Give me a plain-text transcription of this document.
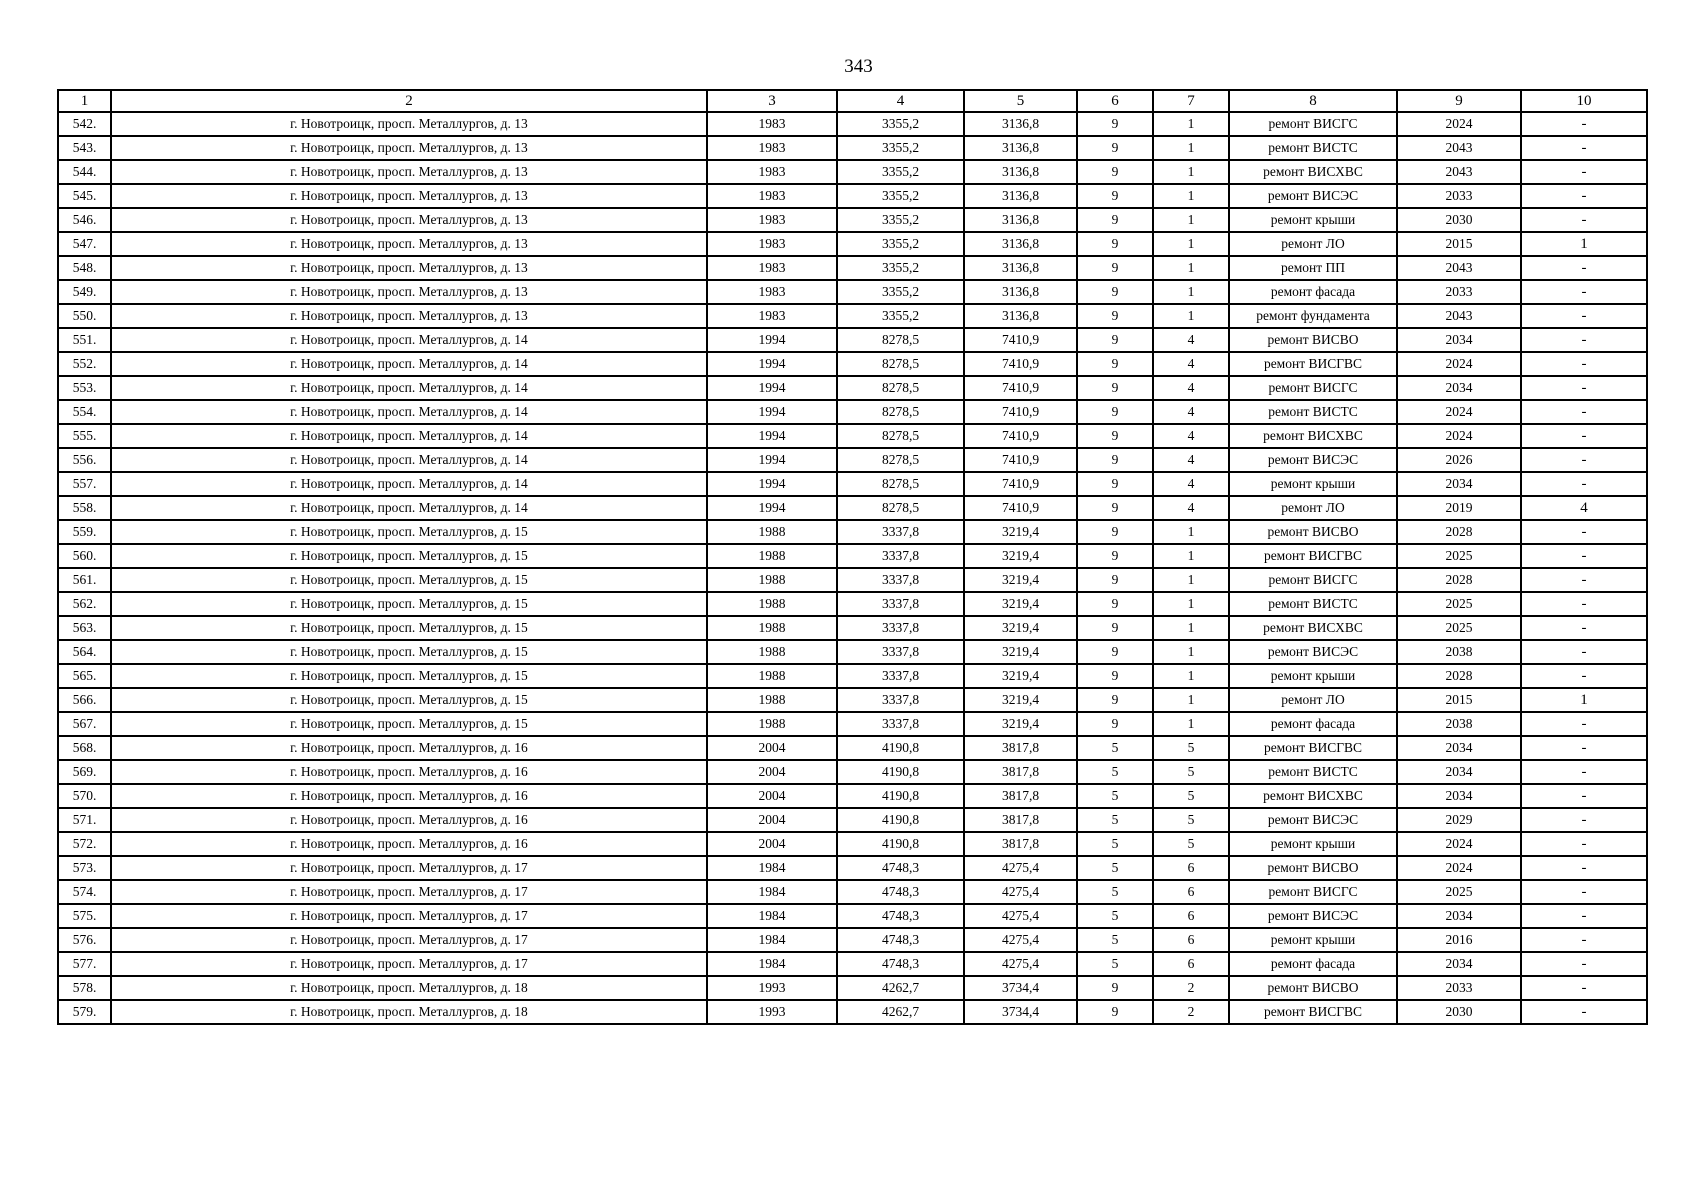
343
1	2	3	4	5	6	7	8	9	10
542.	г. Новотроицк, просп. Металлургов, д. 13	1983	3355,2	3136,8	9	1	ремонт ВИСГС	2024	-
543.	г. Новотроицк, просп. Металлургов, д. 13	1983	3355,2	3136,8	9	1	ремонт ВИСТС	2043	-
544.	г. Новотроицк, просп. Металлургов, д. 13	1983	3355,2	3136,8	9	1	ремонт ВИСХВС	2043	-
545.	г. Новотроицк, просп. Металлургов, д. 13	1983	3355,2	3136,8	9	1	ремонт ВИСЭС	2033	-
546.	г. Новотроицк, просп. Металлургов, д. 13	1983	3355,2	3136,8	9	1	ремонт крыши	2030	-
547.	г. Новотроицк, просп. Металлургов, д. 13	1983	3355,2	3136,8	9	1	ремонт ЛО	2015	1
548.	г. Новотроицк, просп. Металлургов, д. 13	1983	3355,2	3136,8	9	1	ремонт ПП	2043	-
549.	г. Новотроицк, просп. Металлургов, д. 13	1983	3355,2	3136,8	9	1	ремонт фасада	2033	-
550.	г. Новотроицк, просп. Металлургов, д. 13	1983	3355,2	3136,8	9	1	ремонт фундамента	2043	-
551.	г. Новотроицк, просп. Металлургов, д. 14	1994	8278,5	7410,9	9	4	ремонт ВИСВО	2034	-
552.	г. Новотроицк, просп. Металлургов, д. 14	1994	8278,5	7410,9	9	4	ремонт ВИСГВС	2024	-
553.	г. Новотроицк, просп. Металлургов, д. 14	1994	8278,5	7410,9	9	4	ремонт ВИСГС	2034	-
554.	г. Новотроицк, просп. Металлургов, д. 14	1994	8278,5	7410,9	9	4	ремонт ВИСТС	2024	-
555.	г. Новотроицк, просп. Металлургов, д. 14	1994	8278,5	7410,9	9	4	ремонт ВИСХВС	2024	-
556.	г. Новотроицк, просп. Металлургов, д. 14	1994	8278,5	7410,9	9	4	ремонт ВИСЭС	2026	-
557.	г. Новотроицк, просп. Металлургов, д. 14	1994	8278,5	7410,9	9	4	ремонт крыши	2034	-
558.	г. Новотроицк, просп. Металлургов, д. 14	1994	8278,5	7410,9	9	4	ремонт ЛО	2019	4
559.	г. Новотроицк, просп. Металлургов, д. 15	1988	3337,8	3219,4	9	1	ремонт ВИСВО	2028	-
560.	г. Новотроицк, просп. Металлургов, д. 15	1988	3337,8	3219,4	9	1	ремонт ВИСГВС	2025	-
561.	г. Новотроицк, просп. Металлургов, д. 15	1988	3337,8	3219,4	9	1	ремонт ВИСГС	2028	-
562.	г. Новотроицк, просп. Металлургов, д. 15	1988	3337,8	3219,4	9	1	ремонт ВИСТС	2025	-
563.	г. Новотроицк, просп. Металлургов, д. 15	1988	3337,8	3219,4	9	1	ремонт ВИСХВС	2025	-
564.	г. Новотроицк, просп. Металлургов, д. 15	1988	3337,8	3219,4	9	1	ремонт ВИСЭС	2038	-
565.	г. Новотроицк, просп. Металлургов, д. 15	1988	3337,8	3219,4	9	1	ремонт крыши	2028	-
566.	г. Новотроицк, просп. Металлургов, д. 15	1988	3337,8	3219,4	9	1	ремонт ЛО	2015	1
567.	г. Новотроицк, просп. Металлургов, д. 15	1988	3337,8	3219,4	9	1	ремонт фасада	2038	-
568.	г. Новотроицк, просп. Металлургов, д. 16	2004	4190,8	3817,8	5	5	ремонт ВИСГВС	2034	-
569.	г. Новотроицк, просп. Металлургов, д. 16	2004	4190,8	3817,8	5	5	ремонт ВИСТС	2034	-
570.	г. Новотроицк, просп. Металлургов, д. 16	2004	4190,8	3817,8	5	5	ремонт ВИСХВС	2034	-
571.	г. Новотроицк, просп. Металлургов, д. 16	2004	4190,8	3817,8	5	5	ремонт ВИСЭС	2029	-
572.	г. Новотроицк, просп. Металлургов, д. 16	2004	4190,8	3817,8	5	5	ремонт крыши	2024	-
573.	г. Новотроицк, просп. Металлургов, д. 17	1984	4748,3	4275,4	5	6	ремонт ВИСВО	2024	-
574.	г. Новотроицк, просп. Металлургов, д. 17	1984	4748,3	4275,4	5	6	ремонт ВИСГС	2025	-
575.	г. Новотроицк, просп. Металлургов, д. 17	1984	4748,3	4275,4	5	6	ремонт ВИСЭС	2034	-
576.	г. Новотроицк, просп. Металлургов, д. 17	1984	4748,3	4275,4	5	6	ремонт крыши	2016	-
577.	г. Новотроицк, просп. Металлургов, д. 17	1984	4748,3	4275,4	5	6	ремонт фасада	2034	-
578.	г. Новотроицк, просп. Металлургов, д. 18	1993	4262,7	3734,4	9	2	ремонт ВИСВО	2033	-
579.	г. Новотроицк, просп. Металлургов, д. 18	1993	4262,7	3734,4	9	2	ремонт ВИСГВС	2030	-
